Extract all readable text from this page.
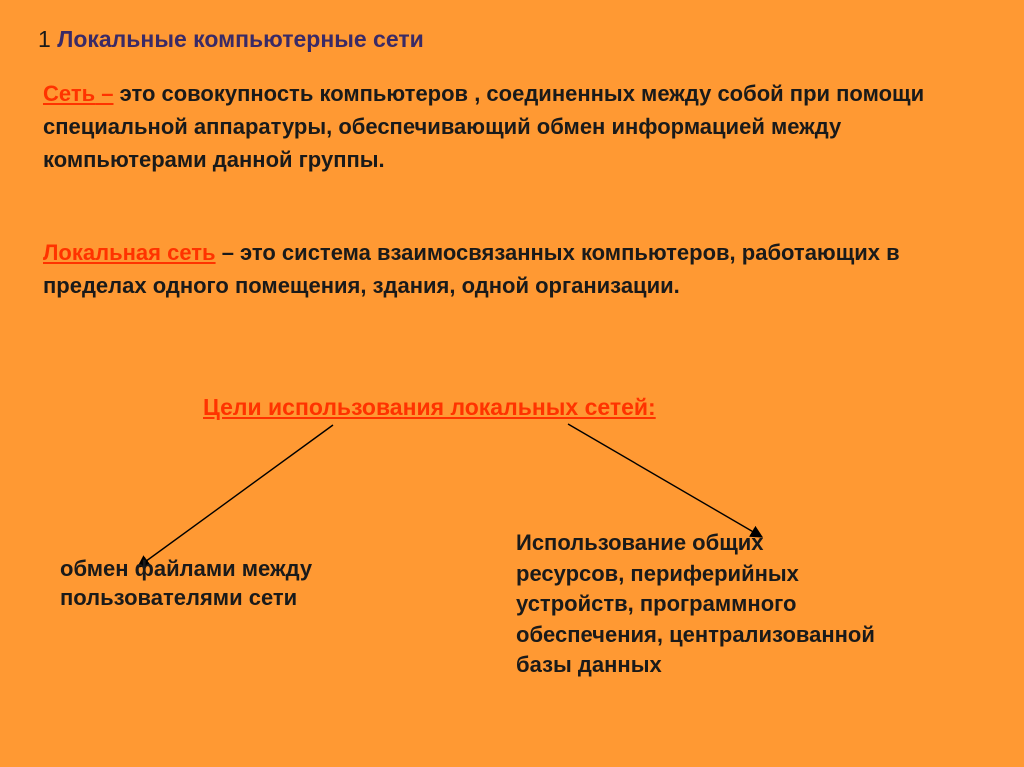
1 Локальные компьютерные сети
Сеть – это совокупность компьютеров , соединенных между собой при помощи специальной аппаратуры, обеспечивающий обмен информацией между компьютерами данной группы.
Локальная сеть – это система взаимосвязанных компьютеров, работающих в пределах одного помещения, здания, одной организации.
Цели использования локальных сетей:
обмен файлами между пользователями сети
Использование общих ресурсов, периферийных устройств, программного обеспечения, централизованной базы данных
